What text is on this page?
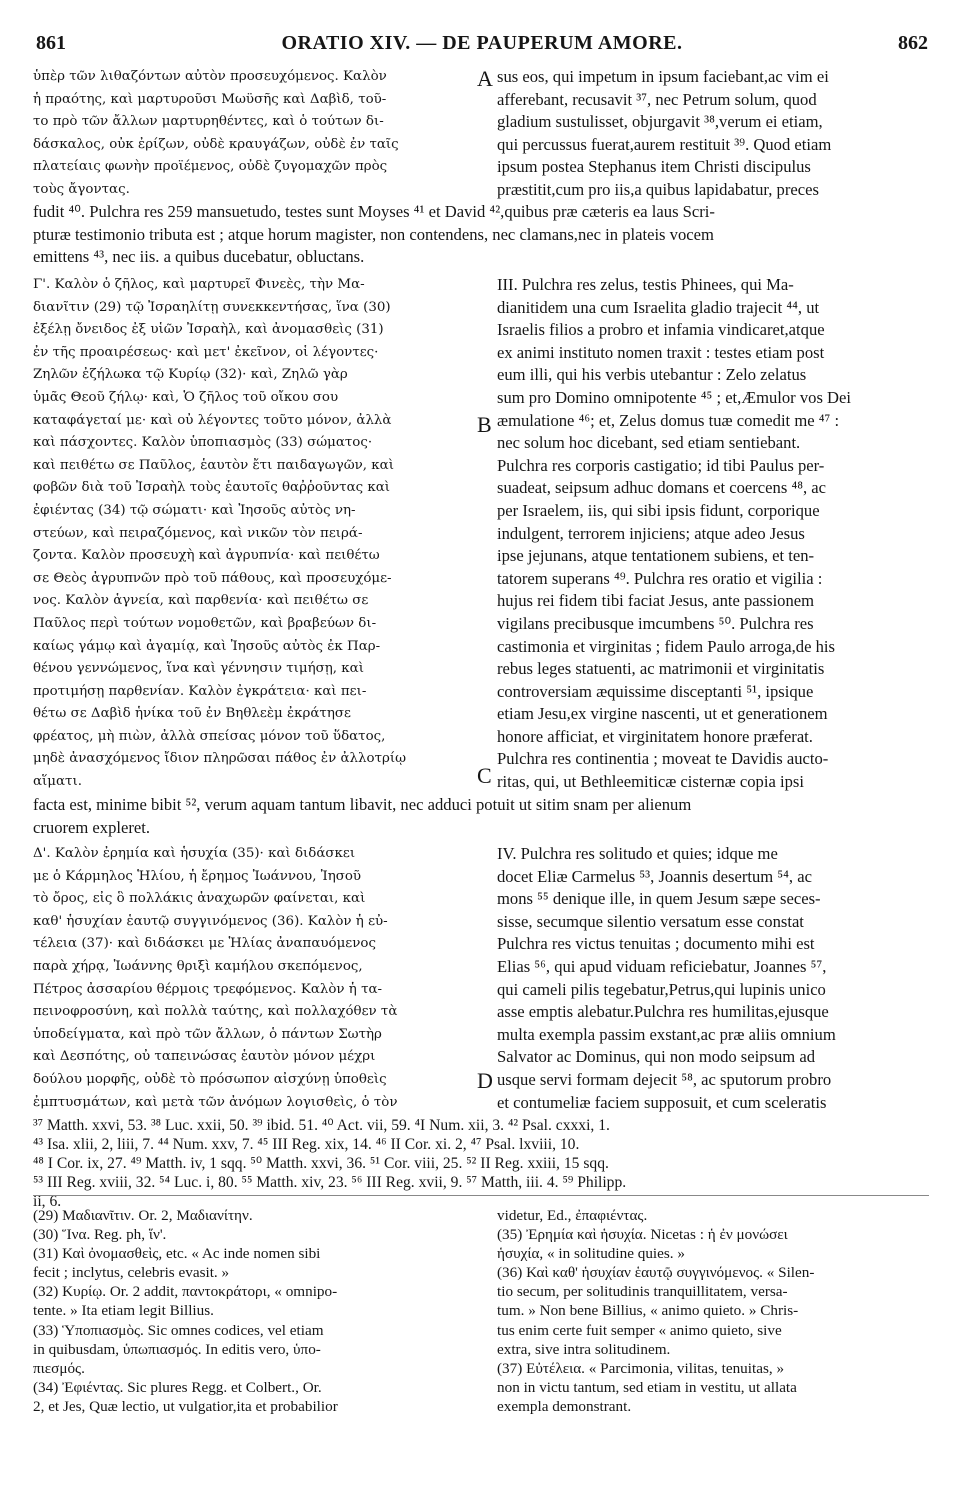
861	ORATIO XIV. — DE PAUPERUM AMORE.	862
ὑπὲρ τῶν λιθαζόντων αὐτὸν προσευχόμενος. Καλὸν
ἡ πραότης, καὶ μαρτυροῦσι Μωϋσῆς καὶ Δαβὶδ, τοῦ-
το πρὸ τῶν ἄλλων μαρτυρηθέντες, καὶ ὁ τούτων δι-
δάσκαλος, οὐκ ἐρίζων, οὐδὲ κραυγάζων, οὐδὲ ἐν ταῖς
πλατείαις φωνὴν προϊέμενος, οὐδὲ ζυγομαχῶν πρὸς
τοὺς ἄγοντας.
A sus eos, qui impetum in ipsum faciebant,ac vim ei
afferebant, recusavit ³⁷, nec Petrum solum, quod
gladium sustulisset, objurgavit ³⁸,verum ei etiam,
qui percussus fuerat,aurem restituit ³⁹. Quod etiam
ipsum postea Stephanus item Christi discipulus
præstitit,cum pro iis,a quibus lapidabatur, preces
fudit ⁴⁰. Pulchra res 259 mansuetudo, testes sunt Moyses ⁴¹ et David ⁴²,quibus præ cæteris ea laus Scri-
pturæ testimonio tributa est ; atque horum magister, non contendens, nec clamans,nec in plateis vocem
emittens ⁴³, nec iis. a quibus ducebatur, obluctans.
Γ'. Καλὸν ὁ ζῆλος, καὶ μαρτυρεῖ Φινεὲς, τὴν Μα-
διανῖτιν (29) τῷ Ἰσραηλίτῃ συνεκκεντήσας, ἵνα (30)
ἐξέλῃ ὄνειδος ἐξ υἱῶν Ἰσραὴλ, καὶ ἀνομασθεὶς (31)
ἐν τῆς προαιρέσεως· καὶ μετ' ἐκεῖνον, οἱ λέγοντες·
Ζηλῶν ἐζήλωκα τῷ Κυρίῳ (32)· καὶ, Ζηλῶ γὰρ
ὑμᾶς Θεοῦ ζήλῳ· καὶ, Ὁ ζῆλος τοῦ οἴκου σου
καταφάγεταί με· καὶ οὐ λέγοντες τοῦτο μόνον, ἀλλὰ
καὶ πάσχοντες. Καλὸν ὑποπιασμὸς (33) σώματος·
καὶ πειθέτω σε Παῦλος, ἑαυτὸν ἔτι παιδαγωγῶν, καὶ
φοβῶν διὰ τοῦ Ἰσραὴλ τοὺς ἑαυτοῖς θαῤῥοῦντας καὶ
ἐφιέντας (34) τῷ σώματι· καὶ Ἰησοῦς αὐτὸς νη-
στεύων, καὶ πειραζόμενος, καὶ νικῶν τὸν πειρά-
ζοντα. Καλὸν προσευχὴ καὶ ἀγρυπνία· καὶ πειθέτω
σε Θεὸς ἀγρυπνῶν πρὸ τοῦ πάθους, καὶ προσευχόμε-
νος. Καλὸν ἁγνεία, καὶ παρθενία· καὶ πειθέτω σε
Παῦλος περὶ τούτων νομοθετῶν, καὶ βραβεύων δι-
καίως γάμῳ καὶ ἀγαμίᾳ, καὶ Ἰησοῦς αὐτὸς ἐκ Παρ-
θένου γεννώμενος, ἵνα καὶ γέννησιν τιμήσῃ, καὶ
προτιμήσῃ παρθενίαν. Καλὸν ἐγκράτεια· καὶ πει-
θέτω σε Δαβὶδ ἡνίκα τοῦ ἐν Βηθλεὲμ ἐκράτησε
φρέατος, μὴ πιὼν, ἀλλὰ σπείσας μόνον τοῦ ὕδατος,
μηδὲ ἀνασχόμενος ἴδιον πληρῶσαι πάθος ἐν ἀλλοτρίῳ
αἵματι.
B
C
III. Pulchra res zelus, testis Phinees, qui Ma-
dianitidem una cum Israelita gladio trajecit ⁴⁴, ut
Israelis filios a probro et infamia vindicaret,atque
ex animi instituto nomen traxit : testes etiam post
eum illi, qui his verbis utebantur : Zelo zelatus
sum pro Domino omnipotente ⁴⁵ ; et,Æmulor vos Dei
æmulatione ⁴⁶; et, Zelus domus tuæ comedit me ⁴⁷ :
nec solum hoc dicebant, sed etiam sentiebant.
Pulchra res corporis castigatio; id tibi Paulus per-
suadeat, seipsum adhuc domans et coercens ⁴⁸, ac
per Israelem, iis, qui sibi ipsis fidunt, corporique
indulgent, terrorem injiciens; atque adeo Jesus
ipse jejunans, atque tentationem subiens, et ten-
tatorem superans ⁴⁹. Pulchra res oratio et vigilia :
hujus rei fidem tibi faciat Jesus, ante passionem
vigilans precibusque imcumbens ⁵⁰. Pulchra res
castimonia et virginitas ; fidem Paulo arroga,de his
rebus leges statuenti, ac matrimonii et virginitatis
controversiam æquissime disceptanti ⁵¹, ipsique
etiam Jesu,ex virgine nascenti, ut et generationem
honore afficiat, et virginitatem honore præferat.
Pulchra res continentia ; moveat te Davidis aucto-
ritas, qui, ut Bethleemiticæ cisternæ copia ipsi
facta est, minime bibit ⁵², verum aquam tantum libavit, nec adduci potuit ut sitim snam per alienum
cruorem expleret.
Δ'. Καλὸν ἐρημία καὶ ἡσυχία (35)· καὶ διδάσκει
με ὁ Κάρμηλος Ἡλίου, ἡ ἔρημος Ἰωάννου, Ἰησοῦ
τὸ ὄρος, εἰς ὃ πολλάκις ἀναχωρῶν φαίνεται, καὶ
καθ' ἡσυχίαν ἑαυτῷ συγγινόμενος (36). Καλὸν ἡ εὐ-
τέλεια (37)· καὶ διδάσκει με Ἡλίας ἀναπαυόμενος
παρὰ χήρᾳ, Ἰωάννης θριξὶ καμήλου σκεπόμενος,
Πέτρος ἀσσαρίου θέρμοις τρεφόμενος. Καλὸν ἡ τα-
πεινοφροσύνη, καὶ πολλὰ ταύτης, καὶ πολλαχόθεν τὰ
ὑποδείγματα, καὶ πρὸ τῶν ἄλλων, ὁ πάντων Σωτὴρ
καὶ Δεσπότης, οὐ ταπεινώσας ἑαυτὸν μόνον μέχρι
δούλου μορφῆς, οὐδὲ τὸ πρόσωπον αἰσχύνῃ ὑποθεὶς
ἐμπτυσμάτων, καὶ μετὰ τῶν ἀνόμων λογισθεὶς, ὁ τὸν
D
IV. Pulchra res solitudo et quies; idque me
docet Eliæ Carmelus ⁵³, Joannis desertum ⁵⁴, ac
mons ⁵⁵ denique ille, in quem Jesum sæpe seces-
sisse, secumque silentio versatum esse constat
Pulchra res victus tenuitas ; documento mihi est
Elias ⁵⁶, qui apud viduam reficiebatur, Joannes ⁵⁷,
qui cameli pilis tegebatur,Petrus,qui lupinis unico
asse emptis alebatur.Pulchra res humilitas,ejusque
multa exempla passim exstant,ac præ aliis omnium
Salvator ac Dominus, qui non modo seipsum ad
usque servi formam dejecit ⁵⁸, ac sputorum probro
et contumeliæ faciem supposuit, et cum sceleratis
³⁷ Matth. xxvi, 53. ³⁸ Luc. xxii, 50. ³⁹ ibid. 51. ⁴⁰ Act. vii, 59. ⁴I Num. xii, 3. ⁴² Psal. cxxxi, 1.
⁴³ Isa. xlii, 2, liii, 7. ⁴⁴ Num. xxv, 7. ⁴⁵ III Reg. xix, 14. ⁴⁶ II Cor. xi. 2, ⁴⁷ Psal. lxviii, 10.
⁴⁸ I Cor. ix, 27. ⁴⁹ Matth. iv, 1 sqq. ⁵⁰ Matth. xxvi, 36. ⁵¹ Cor. viii, 25. ⁵² II Reg. xxiii, 15 sqq.
⁵³ III Reg. xviii, 32. ⁵⁴ Luc. i, 80. ⁵⁵ Matth. xiv, 23. ⁵⁶ III Reg. xvii, 9. ⁵⁷ Matth, iii. 4. ⁵⁹ Philipp.
ii, 6.
(29) Μαδιανῖτιν. Or. 2, Μαδιανίτην.
(30) Ἵνα. Reg. ph, ἵν'.
(31) Καὶ ὀνομασθεὶς, etc. « Ac inde nomen sibi
fecit ; inclytus, celebris evasit. »
(32) Κυρίῳ. Or. 2 addit, παντοκράτορι, « omnipo-
tente. » Ita etiam legit Billius.
(33) Ὑποπιασμὸς. Sic omnes codices, vel etiam
in quibusdam, ὑπωπιασμός. In editis vero, ὑπο-
πιεσμός.
(34) Ἐφιέντας. Sic plures Regg. et Colbert., Or.
2, et Jes, Quæ lectio, ut vulgatior,ita et probabilior
videtur, Ed., ἐπαφιέντας.
(35) Ἐρημία καὶ ἡσυχία. Nicetas : ἡ ἐν μονώσει
ἡσυχία, « in solitudine quies. »
(36) Καὶ καθ' ἡσυχίαν ἑαυτῷ συγγινόμενος. « Silen-
tio secum, per solitudinis tranquillitatem, versa-
tum. » Non bene Billius, « animo quieto. » Chris-
tus enim certe fuit semper « animo quieto, sive
extra, sive intra solitudinem.
(37) Εὐτέλεια. « Parcimonia, vilitas, tenuitas, »
non in victu tantum, sed etiam in vestitu, ut allata
exempla demonstrant.
